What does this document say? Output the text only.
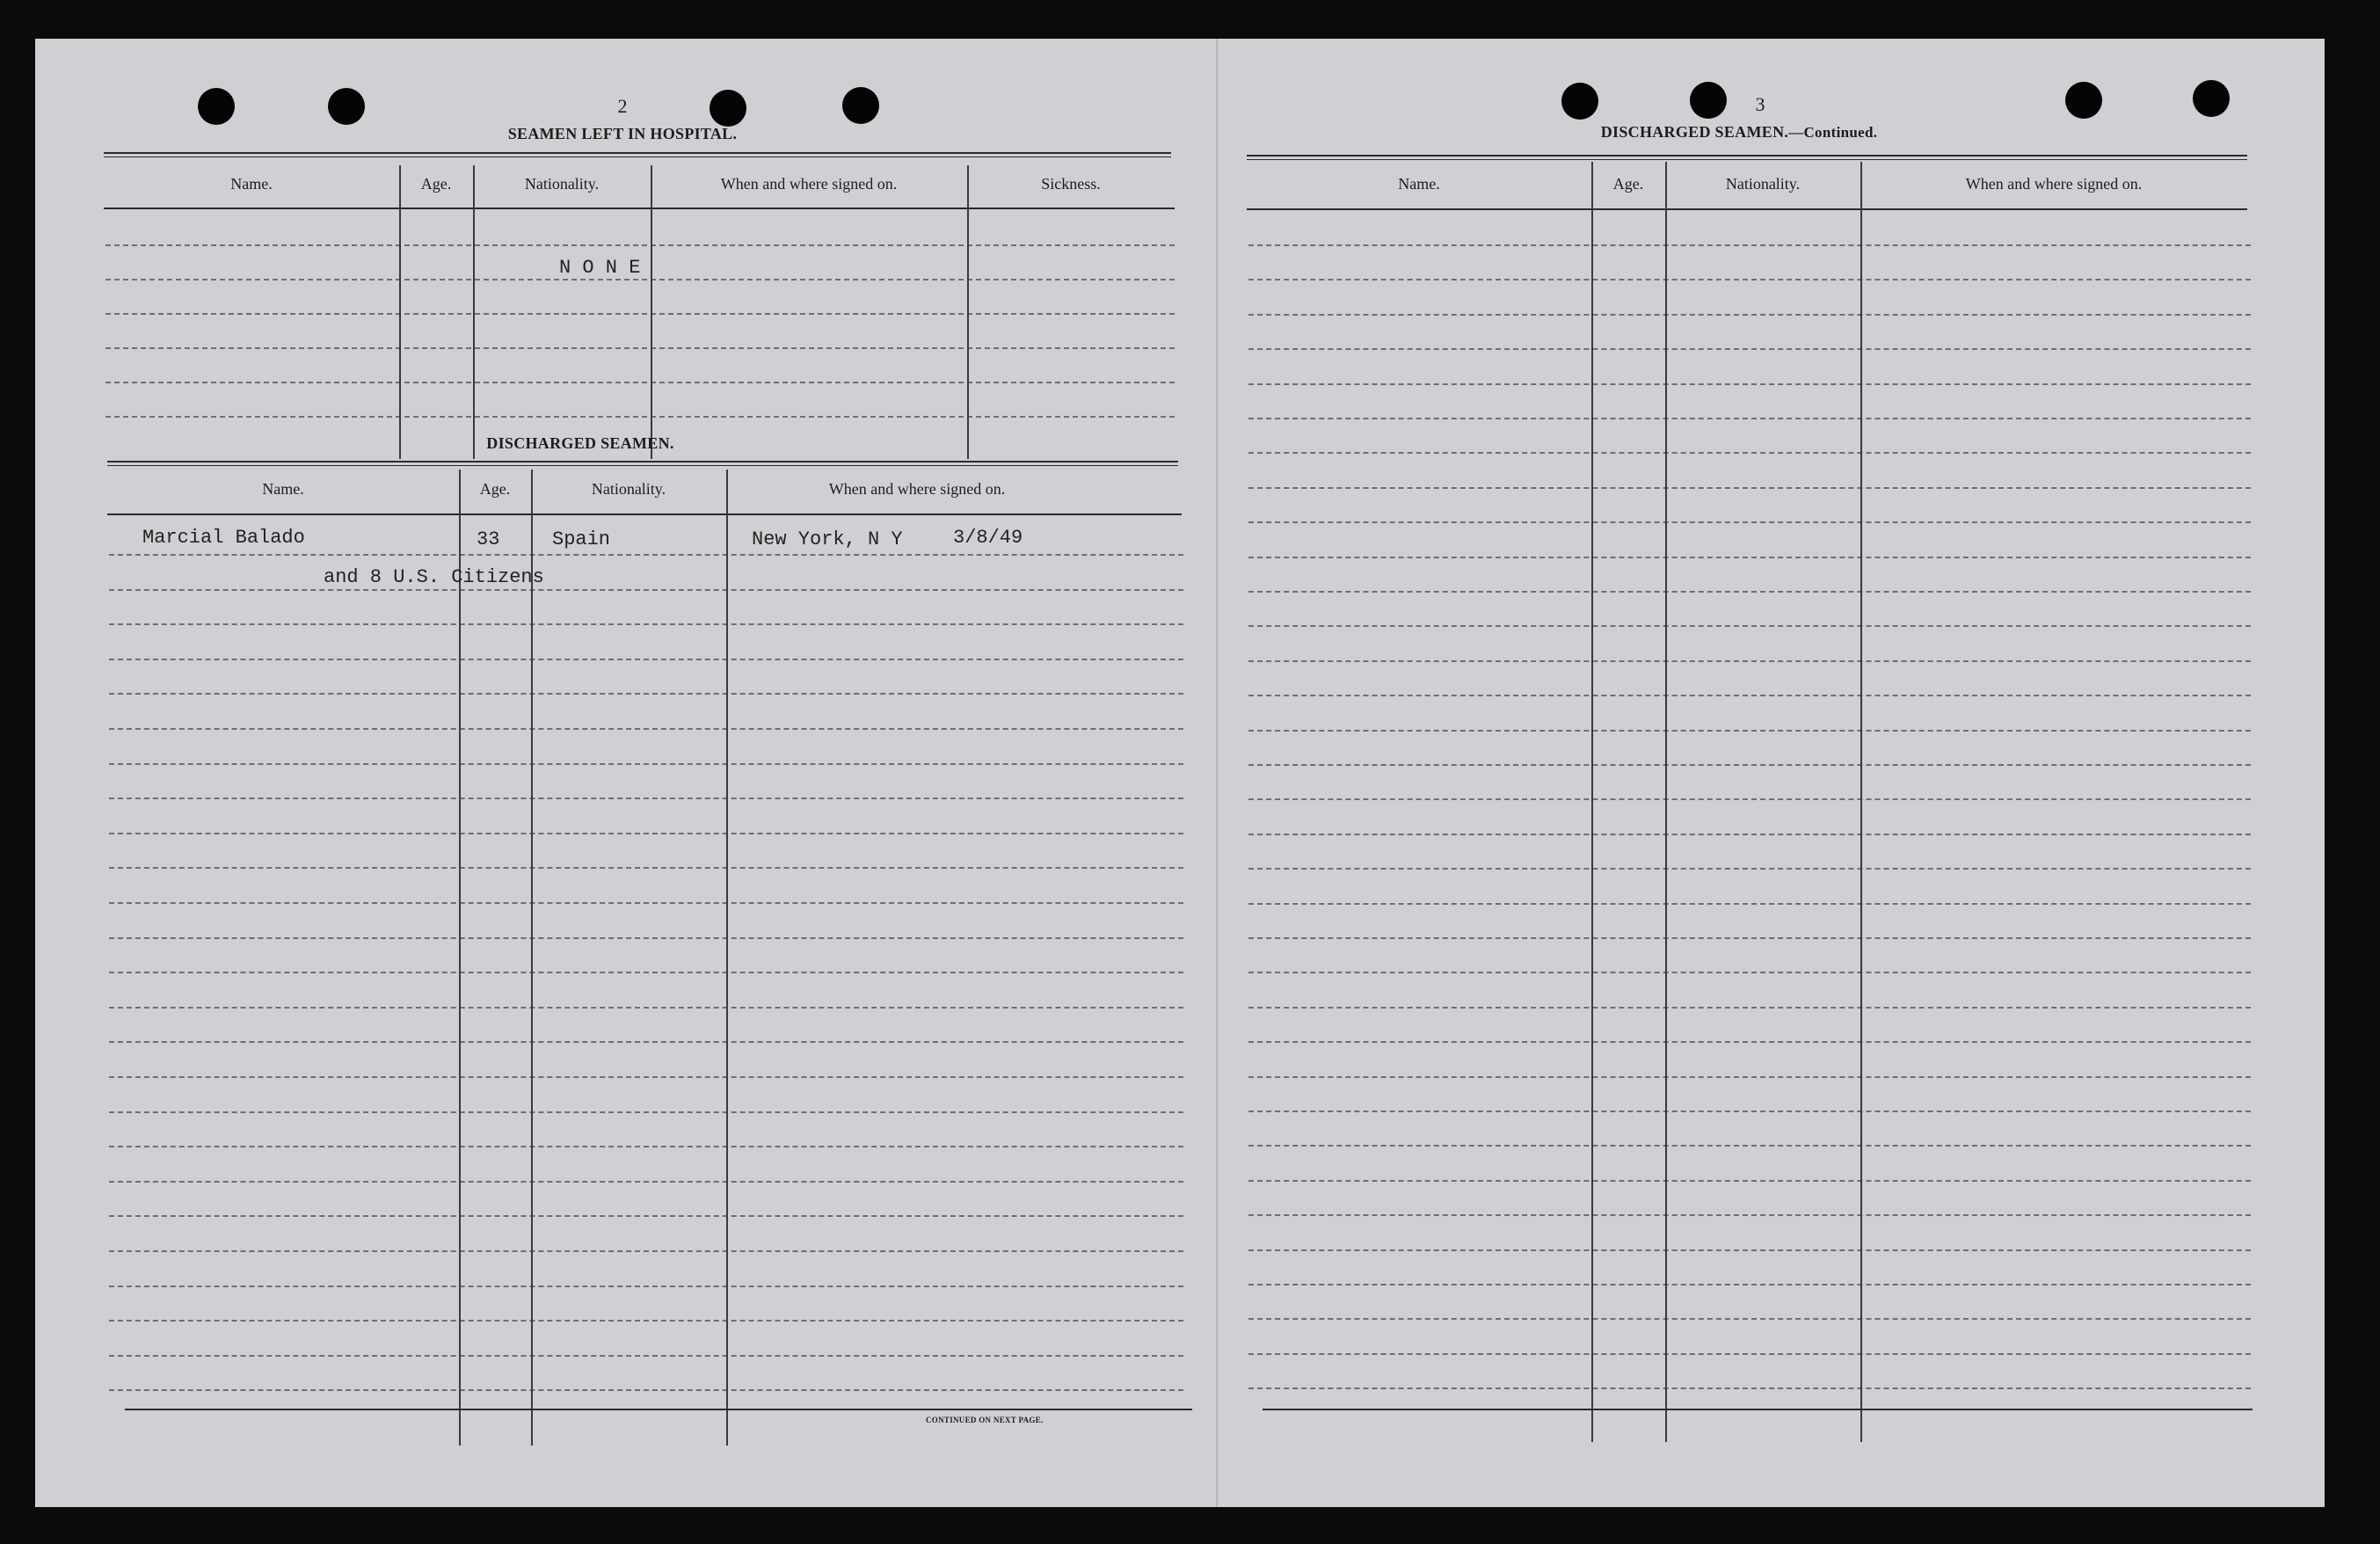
2
SEAMEN LEFT IN HOSPITAL.
Name.	Age.	Nationality.	When and where signed on.	Sickness.
N O N E
DISCHARGED SEAMEN.
Name.	Age.	Nationality.	When and where signed on.
Marcial Balado	33	Spain	New York, N Y	3/8/49
and 8 U.S. Citizens
CONTINUED ON NEXT PAGE.
3
DISCHARGED SEAMEN.—Continued.
Name.	Age.	Nationality.	When and where signed on.
